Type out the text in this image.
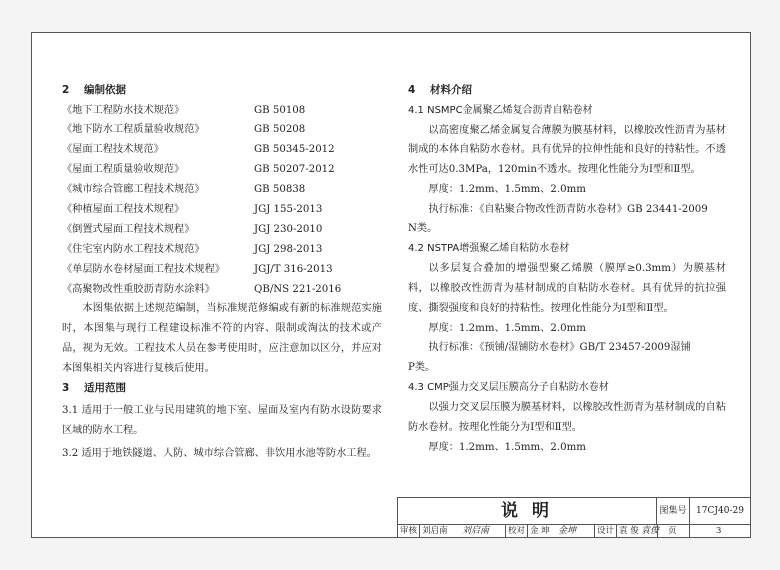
2 编制依据
《地下工程防水技术规范》	GB 50108
《地下防水工程质量验收规范》	GB 50208
《屋面工程技术规范》	GB 50345-2012
《屋面工程质量验收规范》	GB 50207-2012
《城市综合管廊工程技术规范》	GB 50838
《种植屋面工程技术规程》	JGJ 155-2013
《倒置式屋面工程技术规程》	JGJ 230-2010
《住宅室内防水工程技术规范》	JGJ 298-2013
《单层防水卷材屋面工程技术规程》	JGJ/T 316-2013
《高聚物改性重胶沥青防水涂料》	QB/NS 221-2016

本图集依据上述规范编制，当标准规范修编或有新的标准规范实施时，本图集与现行工程建设标准不符的内容、限制或淘汰的技术或产品，视为无效。工程技术人员在参考使用时，应注意加以区分，并应对本图集相关内容进行复核后使用。

3 适用范围

3.1 适用于一般工业与民用建筑的地下室、屋面及室内有防水设防要求区域的防水工程。

3.2 适用于地铁隧道、人防、城市综合管廊、非饮用水池等防水工程。

4 材料介绍
4.1 NSMPC金属聚乙烯复合沥青自粘卷材

以高密度聚乙烯金属复合薄膜为膜基材料，以橡胶改性沥青为基材制成的本体自粘防水卷材。具有优异的拉伸性能和良好的持粘性。不透水性可达0.3MPa，120min不透水。按理化性能分为Ⅰ型和Ⅱ型。

厚度：1.2mm、1.5mm、2.0mm

执行标准：《自粘聚合物改性沥青防水卷材》GB 23441-2009

N类。

4.2 NSTPA增强聚乙烯自粘防水卷材

以多层复合叠加的增强型聚乙烯膜（膜厚≥0.3mm）为膜基材料，以橡胶改性沥青为基材制成的自粘防水卷材。具有优异的抗拉强度、撕裂强度和良好的持粘性。按理化性能分为Ⅰ型和Ⅱ型。

厚度：1.2mm、1.5mm、2.0mm

执行标准：《预铺/湿铺防水卷材》GB/T 23457-2009湿铺

P类。

4.3 CMP强力交叉层压膜高分子自粘防水卷材

以强力交叉层压膜为膜基材料，以橡胶改性沥青为基材制成的自粘防水卷材。按理化性能分为Ⅰ型和Ⅱ型。

厚度：1.2mm、1.5mm、2.0mm

说 明	图集号	17CJ40-29
审核 刘启南 刘启南 校对 金 坤 金坤 设计 袁 俊 袁俊 页	3
